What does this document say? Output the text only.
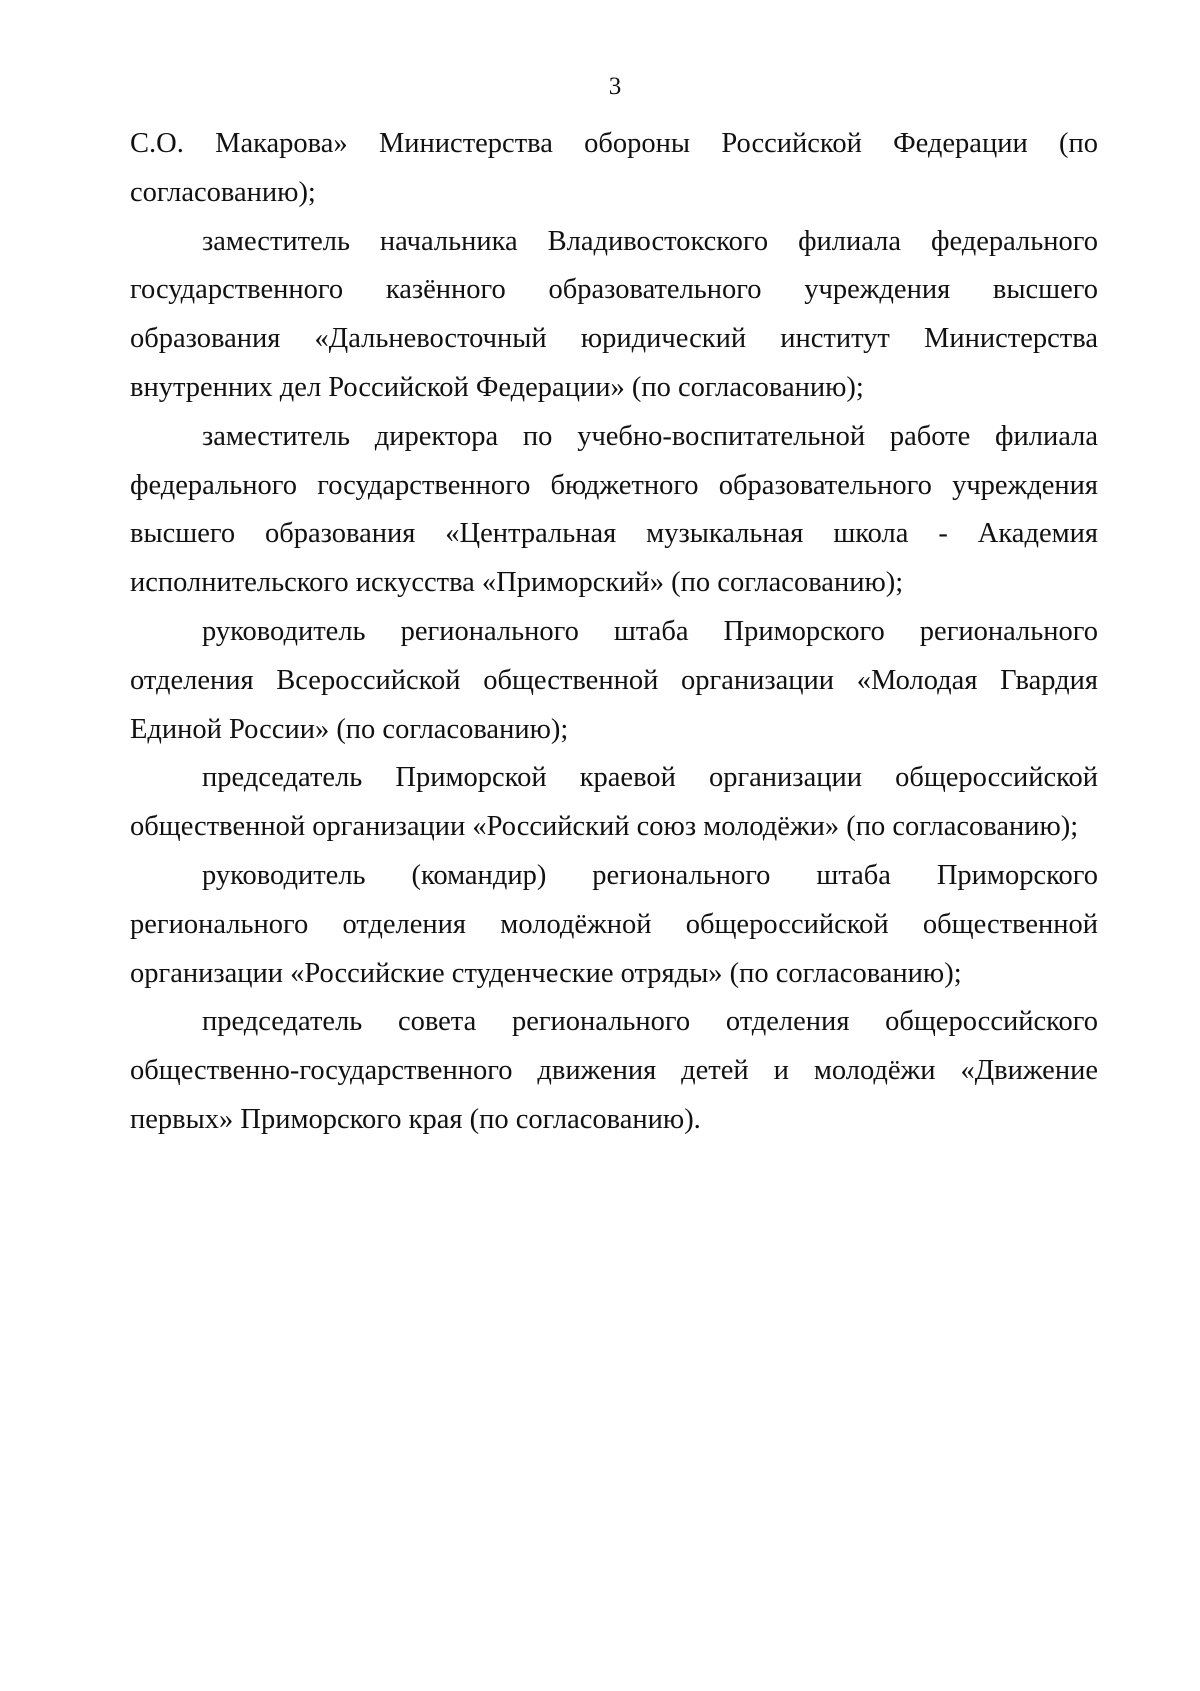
3

С.О. Макарова» Министерства обороны Российской Федерации (по согласованию);

заместитель начальника Владивостокского филиала федерального государственного казённого образовательного учреждения высшего образования «Дальневосточный юридический институт Министерства внутренних дел Российской Федерации» (по согласованию);

заместитель директора по учебно-воспитательной работе филиала федерального государственного бюджетного образовательного учреждения высшего образования «Центральная музыкальная школа - Академия исполнительского искусства «Приморский» (по согласованию);

руководитель регионального штаба Приморского регионального отделения Всероссийской общественной организации «Молодая Гвардия Единой России» (по согласованию);

председатель Приморской краевой организации общероссийской общественной организации «Российский союз молодёжи» (по согласованию);

руководитель (командир) регионального штаба Приморского регионального отделения молодёжной общероссийской общественной организации «Российские студенческие отряды» (по согласованию);

председатель совета регионального отделения общероссийского общественно-государственного движения детей и молодёжи «Движение первых» Приморского края (по согласованию).
